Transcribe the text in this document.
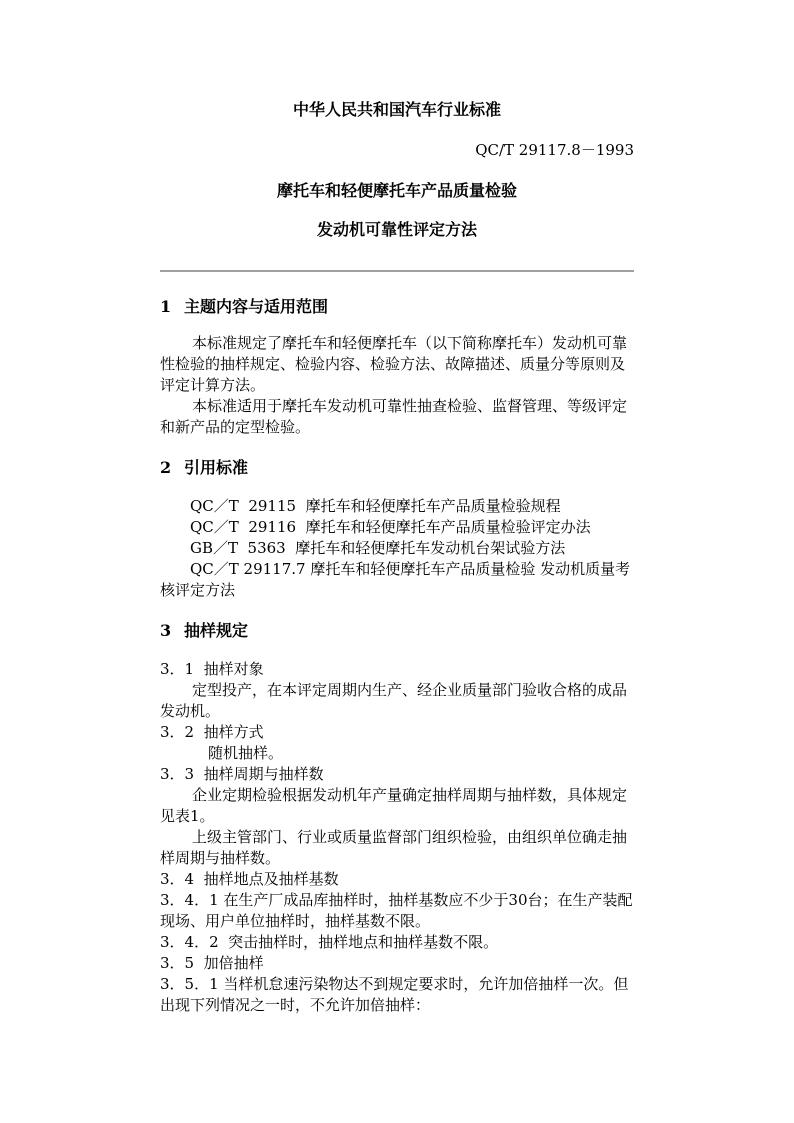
中华人民共和国汽车行业标准
QC/T 29117.8－1993
摩托车和轻便摩托车产品质量检验
发动机可靠性评定方法
1 主题内容与适用范围

本标准规定了摩托车和轻便摩托车（以下简称摩托车）发动机可靠性检验的抽样规定、检验内容、检验方法、故障描述、质量分等原则及评定计算方法。

本标准适用于摩托车发动机可靠性抽查检验、监督管理、等级评定和新产品的定型检验。

2 引用标准

QC／T  29115  摩托车和轻便摩托车产品质量检验规程

QC／T  29116  摩托车和轻便摩托车产品质量检验评定办法

GB／T  5363  摩托车和轻便摩托车发动机台架试验方法

QC／T 29117.7 摩托车和轻便摩托车产品质量检验 发动机质量考核评定方法

3 抽样规定

3．1  抽样对象

定型投产，在本评定周期内生产、经企业质量部门验收合格的成品发动机。

3．2  抽样方式

随机抽样。

3．3  抽样周期与抽样数

企业定期检验根据发动机年产量确定抽样周期与抽样数，具体规定见表1。

上级主管部门、行业或质量监督部门组织检验，由组织单位确走抽样周期与抽样数。

3．4  抽样地点及抽样基数

3．4．1 在生产厂成品库抽样时，抽样基数应不少于30台；在生产装配现场、用户单位抽样时，抽样基数不限。

3．4．2  突击抽样时，抽样地点和抽样基数不限。

3．5  加倍抽样

3．5．1 当样机怠速污染物达不到规定要求时，允许加倍抽样一次。但出现下列情况之一时，不允许加倍抽样：
